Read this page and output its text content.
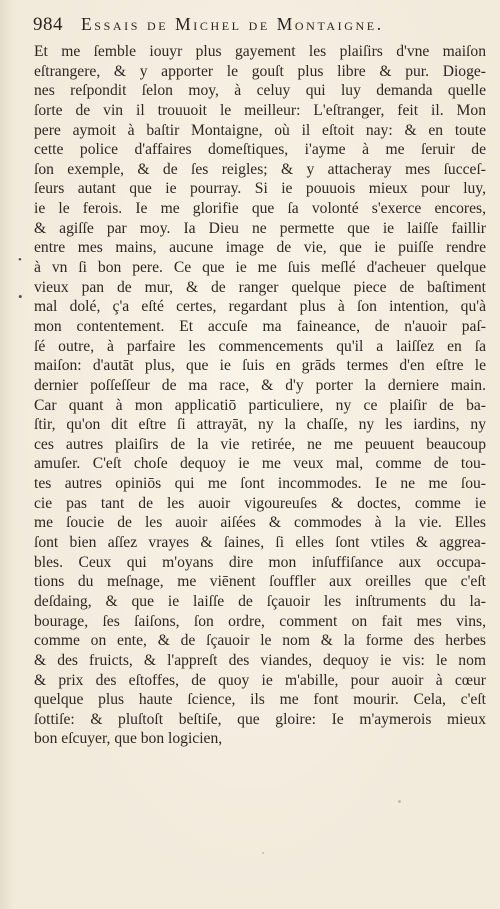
984 Essais de Michel de Montaigne.
•
•
Et me ſemble iouyr plus gayement les plaiſirs d'vne maiſon
eſtrangere, & y apporter le gouſt plus libre & pur. Dioge-
nes reſpondit ſelon moy, à celuy qui luy demanda quelle
ſorte de vin il trouuoit le meilleur: L'eſtranger, feit il. Mon
pere aymoit à baſtir Montaigne, où il eſtoit nay: & en toute
cette police d'affaires domeſtiques, i'ayme à me ſeruir de
ſon exemple, & de ſes reigles; & y attacheray mes ſucceſ-
ſeurs autant que ie pourray. Si ie pouuois mieux pour luy,
ie le ferois. Ie me glorifie que ſa volonté s'exerce encores,
& agiſſe par moy. Ia Dieu ne permette que ie laiſſe faillir
entre mes mains, aucune image de vie, que ie puiſſe rendre
à vn ſi bon pere. Ce que ie me ſuis meſlé d'acheuer quelque
vieux pan de mur, & de ranger quelque piece de baſtiment
mal dolé, ç'a eſté certes, regardant plus à ſon intention, qu'à
mon contentement. Et accuſe ma faineance, de n'auoir paſ-
ſé outre, à parfaire les commencements qu'il a laiſſez en ſa
maiſon: d'autāt plus, que ie ſuis en grāds termes d'en eſtre le
dernier poſſeſſeur de ma race, & d'y porter la derniere main.
Car quant à mon applicatiō particuliere, ny ce plaiſir de ba-
ſtir, qu'on dit eſtre ſi attrayāt, ny la chaſſe, ny les iardins, ny
ces autres plaiſirs de la vie retirée, ne me peuuent beaucoup
amuſer. C'eſt choſe dequoy ie me veux mal, comme de tou-
tes autres opiniōs qui me ſont incommodes. Ie ne me ſou-
cie pas tant de les auoir vigoureuſes & doctes, comme ie
me ſoucie de les auoir aiſées & commodes à la vie. Elles
ſont bien aſſez vrayes & ſaines, ſi elles ſont vtiles & aggrea-
bles. Ceux qui m'oyans dire mon inſuffiſance aux occupa-
tions du meſnage, me viēnent ſouffler aux oreilles que c'eſt
deſdaing, & que ie laiſſe de ſçauoir les inſtruments du la-
bourage, ſes ſaiſons, ſon ordre, comment on fait mes vins,
comme on ente, & de ſçauoir le nom & la forme des herbes
& des fruicts, & l'appreſt des viandes, dequoy ie vis: le nom
& prix des eſtoffes, de quoy ie m'abille, pour auoir à cœur
quelque plus haute ſcience, ils me font mourir. Cela, c'eſt
ſottiſe: & pluſtoſt beſtiſe, que gloire: Ie m'aymerois mieux
bon eſcuyer, que bon logicien,
